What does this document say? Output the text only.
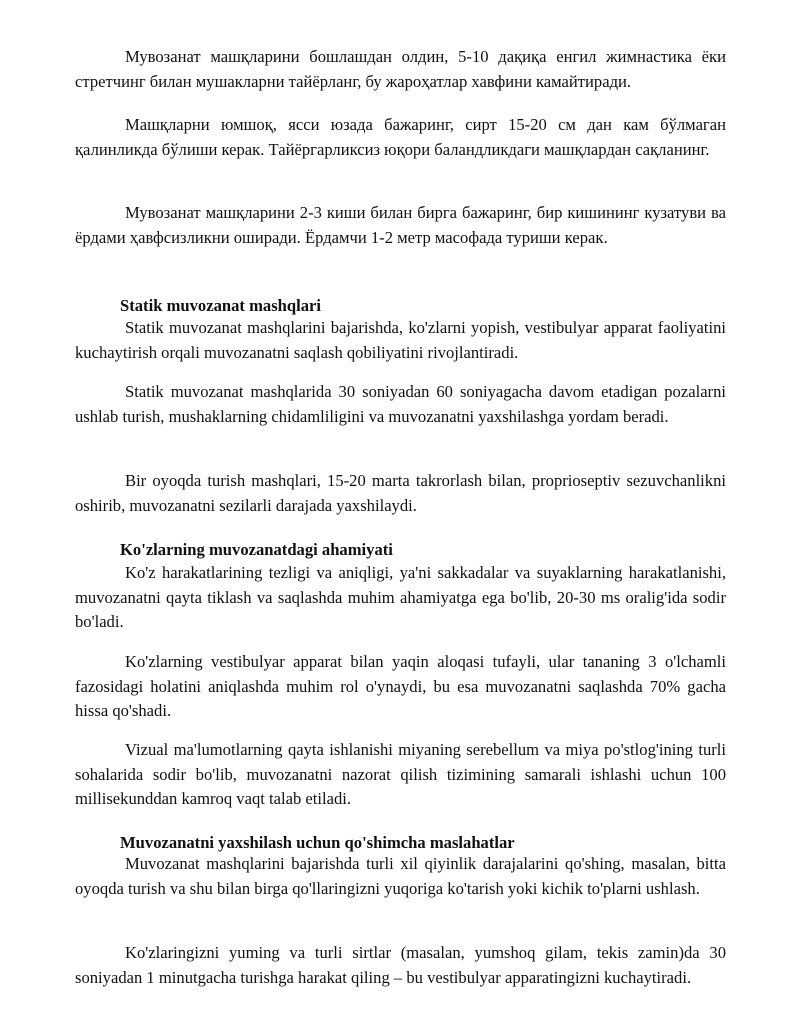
Мувозанат машқларини бошлашдан олдин, 5-10 дақиқа енгил жимнастика ёки стретчинг билан мушакларни тайёрланг, бу жароҳатлар хавфини камайтиради.

Машқларни юмшоқ, ясси юзада бажаринг, сирт 15-20 см дан кам бўлмаган қалинликда бўлиши керак. Тайёргарликсиз юқори баландликдаги машқлардан сақланинг.

Мувозанат машқларини 2-3 киши билан бирга бажаринг, бир кишининг кузатуви ва ёрдами ҳавфсизликни оширади. Ёрдамчи 1-2 метр масофада туриши керак.

Statik muvozanat mashqlari

Statik muvozanat mashqlarini bajarishda, ko'zlarni yopish, vestibulyar apparat faoliyatini kuchaytirish orqali muvozanatni saqlash qobiliyatini rivojlantiradi.

Statik muvozanat mashqlarida 30 soniyadan 60 soniyagacha davom etadigan pozalarni ushlab turish, mushaklarning chidamliligini va muvozanatni yaxshilashga yordam beradi.

Bir oyoqda turish mashqlari, 15-20 marta takrorlash bilan, proprioseptiv sezuvchanlikni oshirib, muvozanatni sezilarli darajada yaxshilaydi.

Ko'zlarning muvozanatdagi ahamiyati

Ko'z harakatlarining tezligi va aniqligi, ya'ni sakkadalar va suyaklarning harakatlanishi, muvozanatni qayta tiklash va saqlashda muhim ahamiyatga ega bo'lib, 20-30 ms oralig'ida sodir bo'ladi.

Ko'zlarning vestibulyar apparat bilan yaqin aloqasi tufayli, ular tananing 3 o'lchamli fazosidagi holatini aniqlashda muhim rol o'ynaydi, bu esa muvozanatni saqlashda 70% gacha hissa qo'shadi.

Vizual ma'lumotlarning qayta ishlanishi miyaning serebellum va miya po'stlog'ining turli sohalarida sodir bo'lib, muvozanatni nazorat qilish tizimining samarali ishlashi uchun 100 millisekunddan kamroq vaqt talab etiladi.

Muvozanatni yaxshilash uchun qo'shimcha maslahatlar

Muvozanat mashqlarini bajarishda turli xil qiyinlik darajalarini qo'shing, masalan, bitta oyoqda turish va shu bilan birga qo'llaringizni yuqoriga ko'tarish yoki kichik to'plarni ushlash.

Ko'zlaringizni yuming va turli sirtlar (masalan, yumshoq gilam, tekis zamin)da 30 soniyadan 1 minutgacha turishga harakat qiling – bu vestibulyar apparatingizni kuchaytiradi.
